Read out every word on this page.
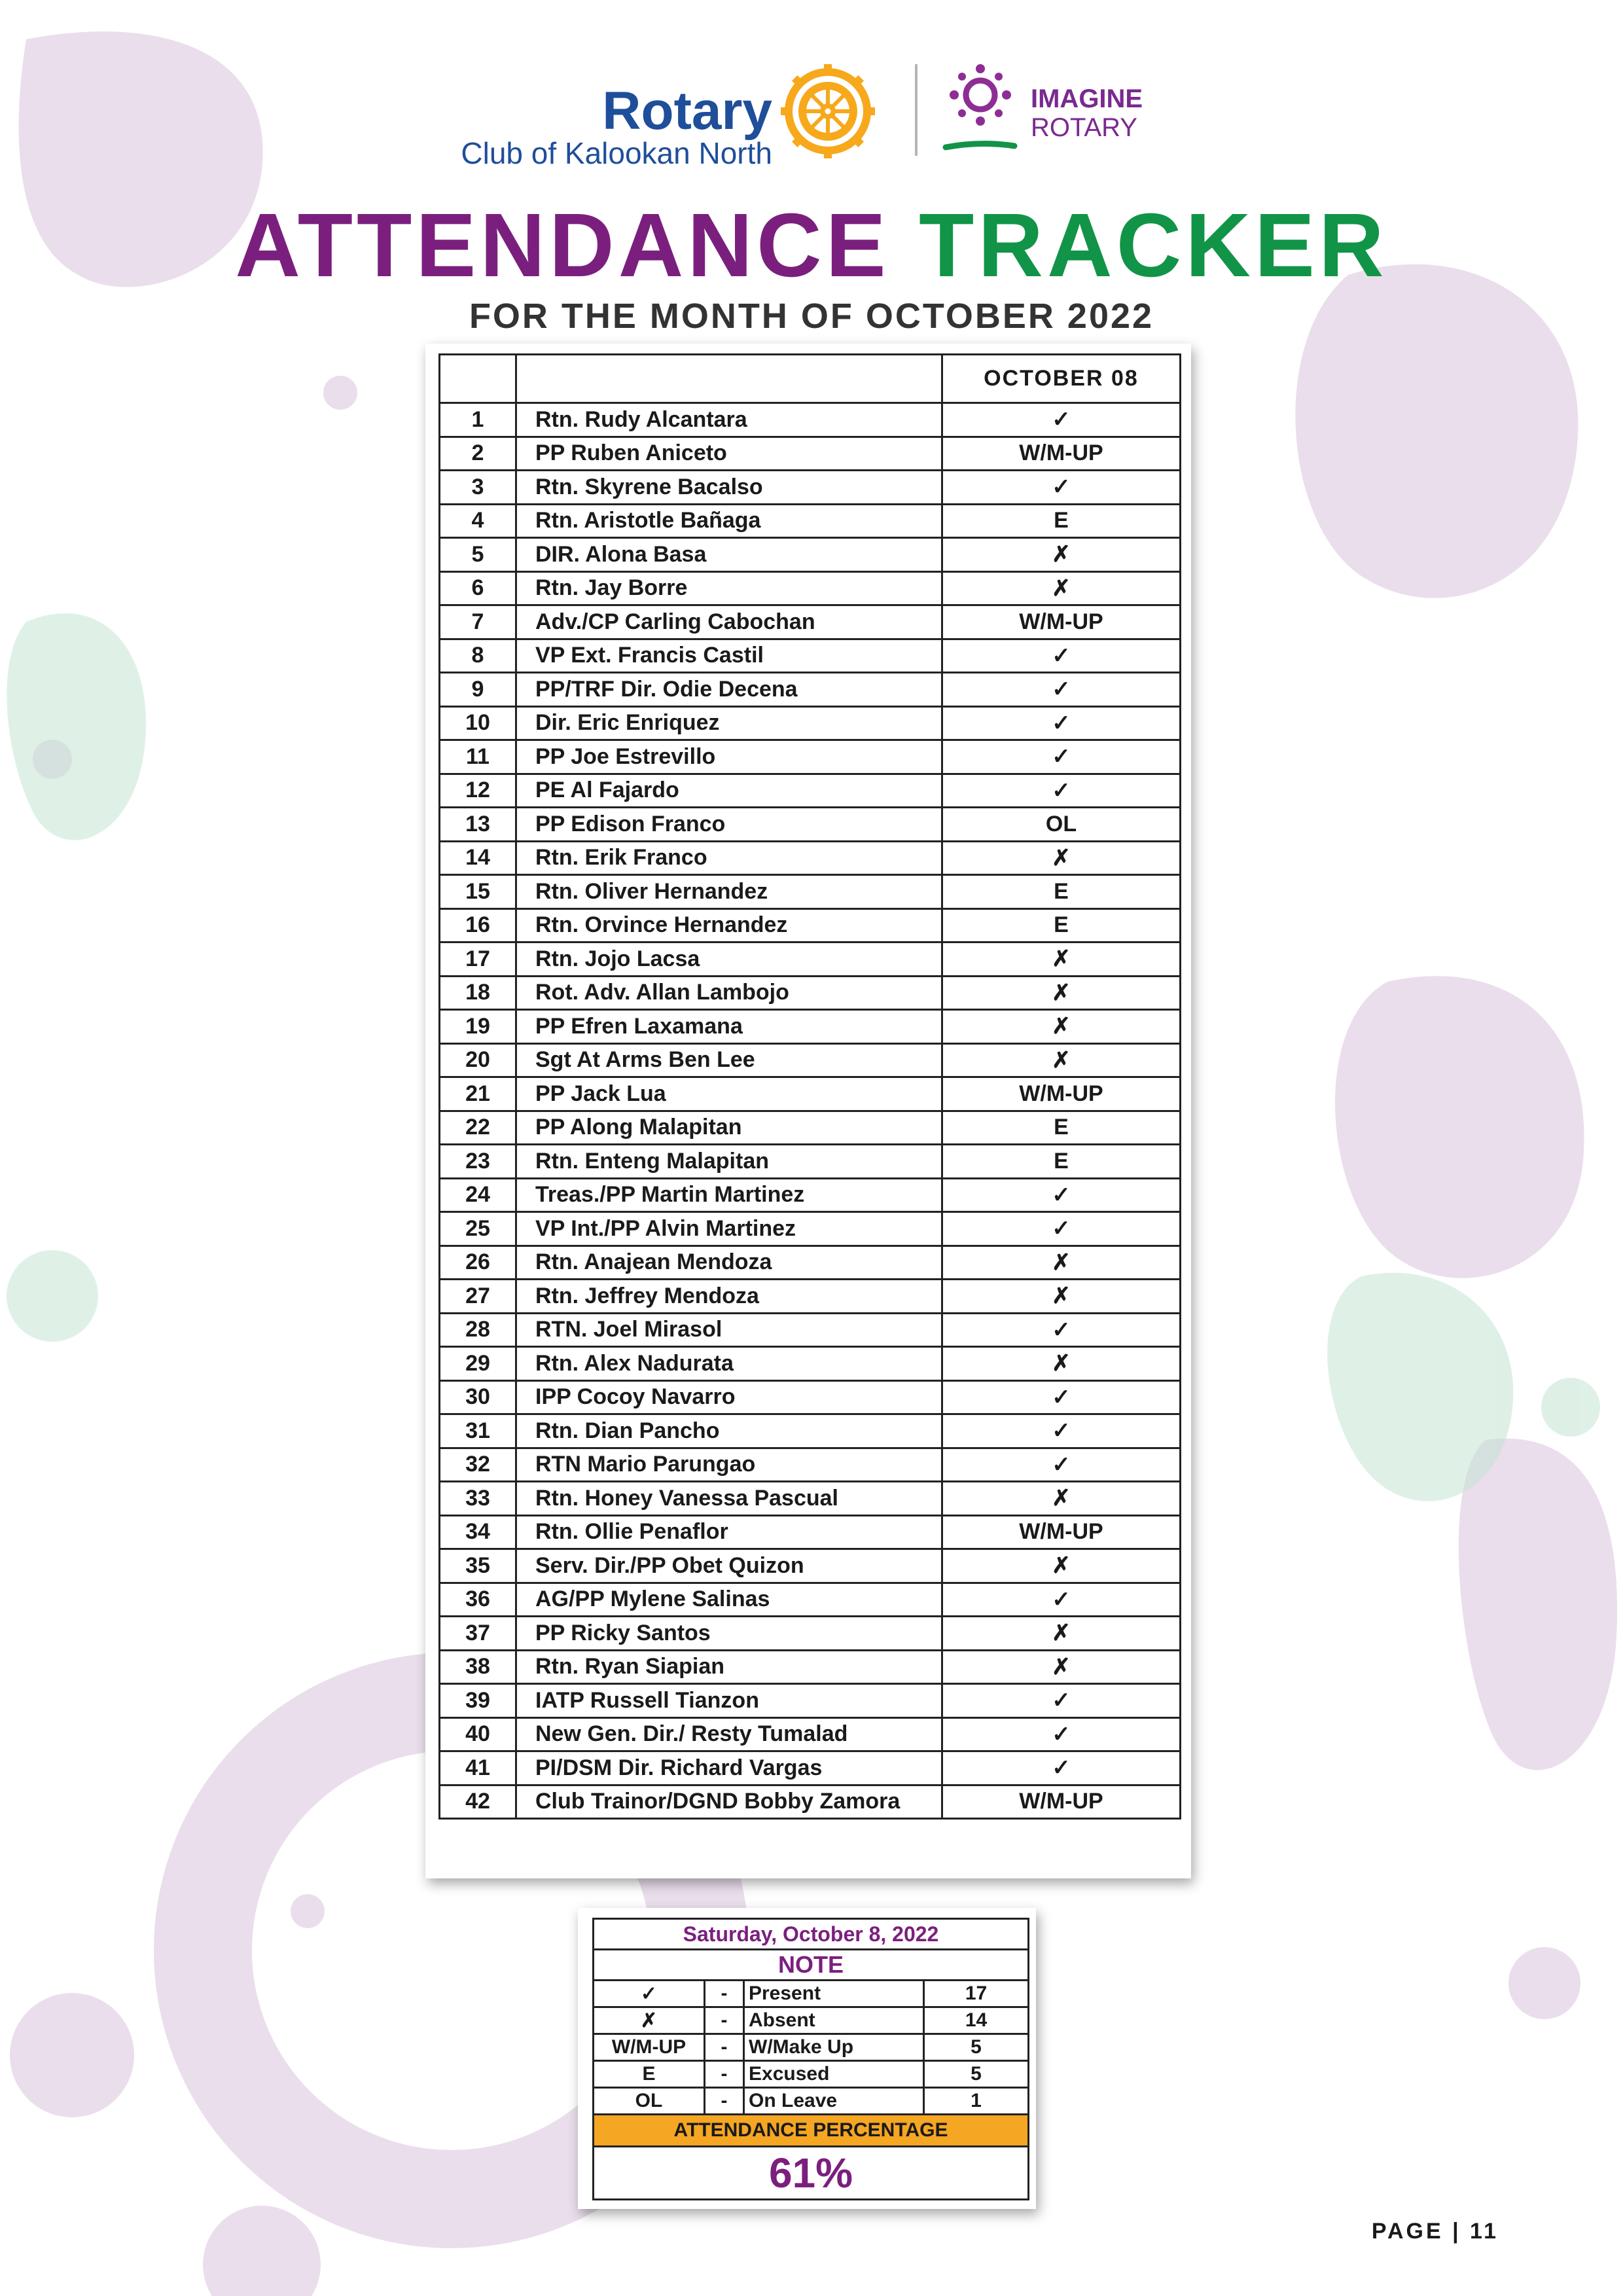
Rotary
Club of Kalookan North
IMAGINE
ROTARY
ATTENDANCE TRACKER
FOR THE MONTH OF OCTOBER 2022
		OCTOBER 08
1	Rtn. Rudy Alcantara	✓
2	PP Ruben Aniceto	W/M-UP
3	Rtn. Skyrene Bacalso	✓
4	Rtn. Aristotle Bañaga	E
5	DIR. Alona Basa	✗
6	Rtn. Jay Borre	✗
7	Adv./CP Carling Cabochan	W/M-UP
8	VP Ext. Francis Castil	✓
9	PP/TRF Dir. Odie Decena	✓
10	Dir. Eric Enriquez	✓
11	PP Joe Estrevillo	✓
12	PE Al Fajardo	✓
13	PP Edison Franco	OL
14	Rtn. Erik Franco	✗
15	Rtn. Oliver Hernandez	E
16	Rtn. Orvince Hernandez	E
17	Rtn. Jojo Lacsa	✗
18	Rot. Adv. Allan Lambojo	✗
19	PP Efren Laxamana	✗
20	Sgt At Arms Ben Lee	✗
21	PP Jack Lua	W/M-UP
22	PP Along Malapitan	E
23	Rtn. Enteng Malapitan	E
24	Treas./PP Martin Martinez	✓
25	VP Int./PP Alvin Martinez	✓
26	Rtn. Anajean Mendoza	✗
27	Rtn. Jeffrey Mendoza	✗
28	RTN. Joel Mirasol	✓
29	Rtn. Alex Nadurata	✗
30	IPP Cocoy Navarro	✓
31	Rtn. Dian Pancho	✓
32	RTN Mario Parungao	✓
33	Rtn. Honey Vanessa Pascual	✗
34	Rtn. Ollie Penaflor	W/M-UP
35	Serv. Dir./PP Obet Quizon	✗
36	AG/PP Mylene Salinas	✓
37	PP Ricky Santos	✗
38	Rtn. Ryan Siapian	✗
39	IATP Russell Tianzon	✓
40	New Gen. Dir./ Resty Tumalad	✓
41	PI/DSM Dir. Richard Vargas	✓
42	Club Trainor/DGND Bobby Zamora	W/M-UP
Saturday, October 8, 2022			
NOTE			
✓	-	Present	17
✗	-	Absent	14
W/M-UP	-	W/Make Up	5
E	-	Excused	5
OL	-	On Leave	1
ATTENDANCE PERCENTAGE			
61%			
PAGE | 11
